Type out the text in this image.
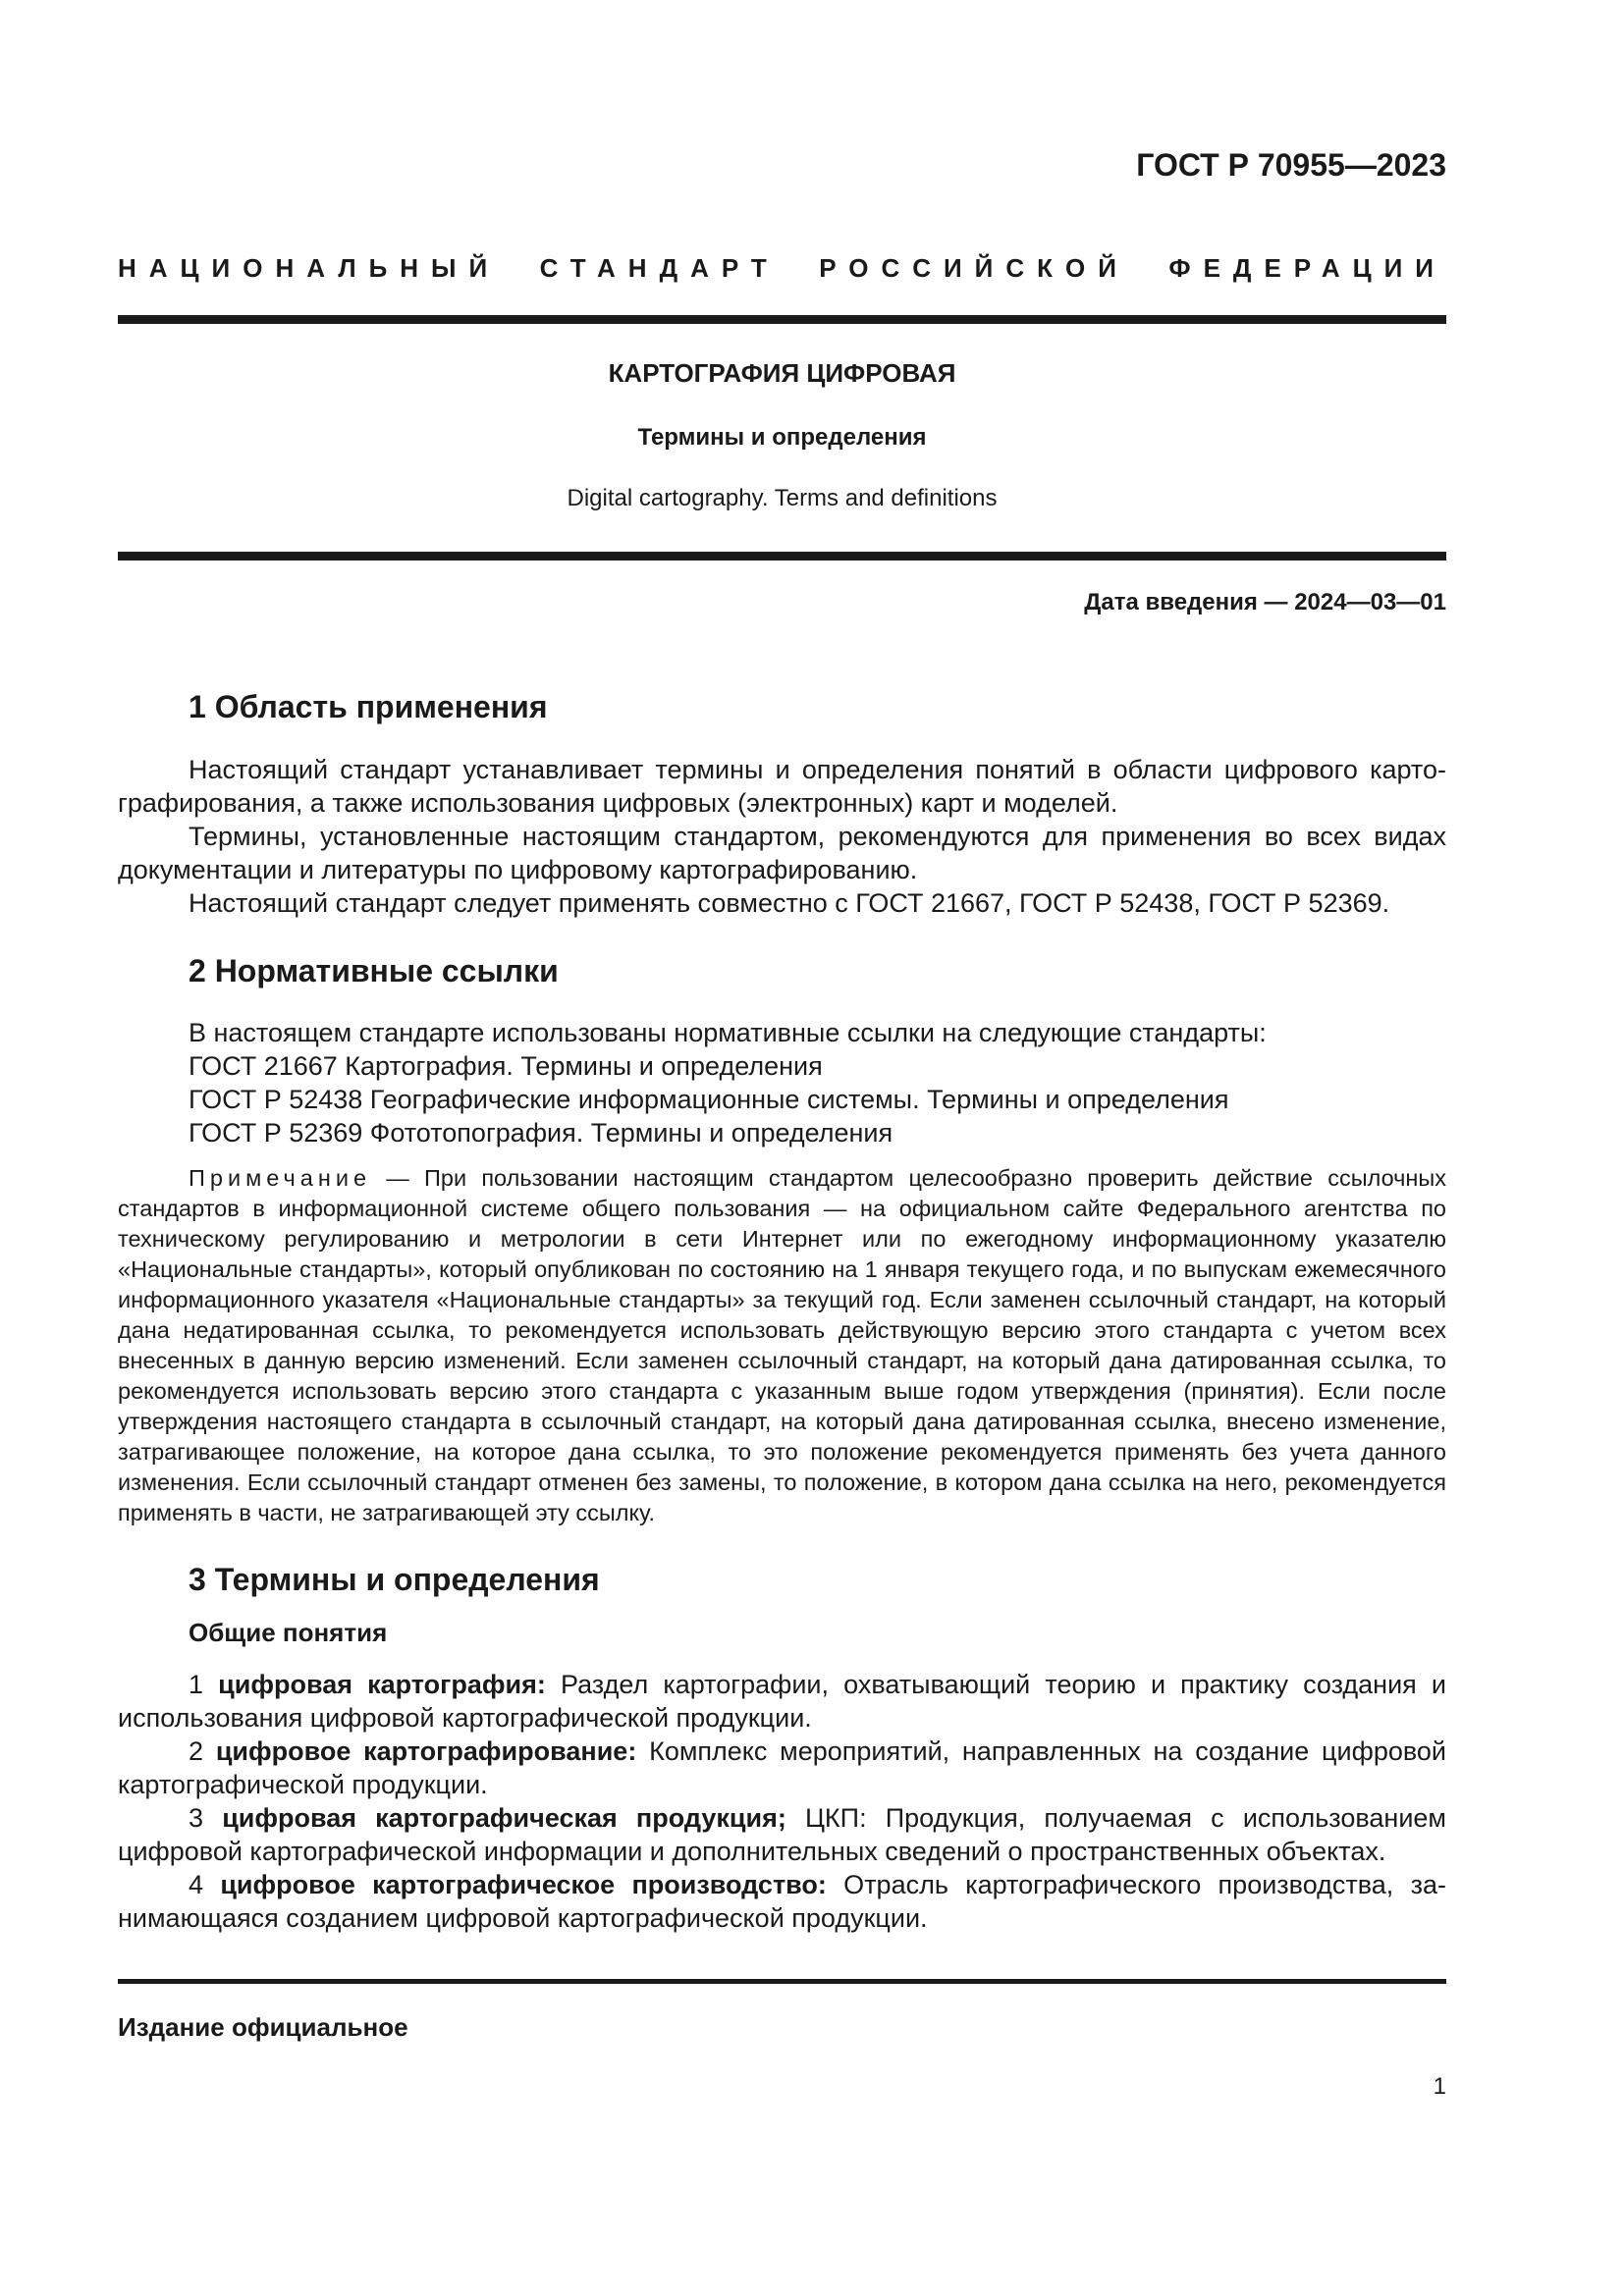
ГОСТ Р 70955—2023
НАЦИОНАЛЬНЫЙ СТАНДАРТ РОССИЙСКОЙ ФЕДЕРАЦИИ
КАРТОГРАФИЯ ЦИФРОВАЯ
Термины и определения
Digital cartography. Terms and definitions
Дата введения — 2024—03—01
1 Область применения

Настоящий стандарт устанавливает термины и определения понятий в области цифрового картографирования, а также использования цифровых (электронных) карт и моделей.

Термины, установленные настоящим стандартом, рекомендуются для применения во всех видах документации и литературы по цифровому картографированию.

Настоящий стандарт следует применять совместно с ГОСТ 21667, ГОСТ Р 52438, ГОСТ Р 52369.

2 Нормативные ссылки

В настоящем стандарте использованы нормативные ссылки на следующие стандарты:

ГОСТ 21667 Картография. Термины и определения
ГОСТ Р 52438 Географические информационные системы. Термины и определения
ГОСТ Р 52369 Фототопография. Термины и определения

Примечание — При пользовании настоящим стандартом целесообразно проверить действие ссылочных стандартов в информационной системе общего пользования — на официальном сайте Федерального агентства по техническому регулированию и метрологии в сети Интернет или по ежегодному информационному указателю «Национальные стандарты», который опубликован по состоянию на 1 января текущего года, и по выпускам ежемесячного информационного указателя «Национальные стандарты» за текущий год. Если заменен ссылочный стандарт, на который дана недатированная ссылка, то рекомендуется использовать действующую версию этого стандарта с учетом всех внесенных в данную версию изменений. Если заменен ссылочный стандарт, на который дана датированная ссылка, то рекомендуется использовать версию этого стандарта с указанным выше годом утверждения (принятия). Если после утверждения настоящего стандарта в ссылочный стандарт, на который дана датированная ссылка, внесено изменение, затрагивающее положение, на которое дана ссылка, то это положение рекомендуется применять без учета данного изменения. Если ссылочный стандарт отменен без замены, то положение, в котором дана ссылка на него, рекомендуется применять в части, не затрагивающей эту ссылку.

3 Термины и определения
Общие понятия

1 цифровая картография: Раздел картографии, охватывающий теорию и практику создания и использования цифровой картографической продукции.

2 цифровое картографирование: Комплекс мероприятий, направленных на создание цифровой картографической продукции.

3 цифровая картографическая продукция; ЦКП: Продукция, получаемая с использованием цифровой картографической информации и дополнительных сведений о пространственных объектах.

4 цифровое картографическое производство: Отрасль картографического производства, занимающаяся созданием цифровой картографической продукции.

Издание официальное
1
